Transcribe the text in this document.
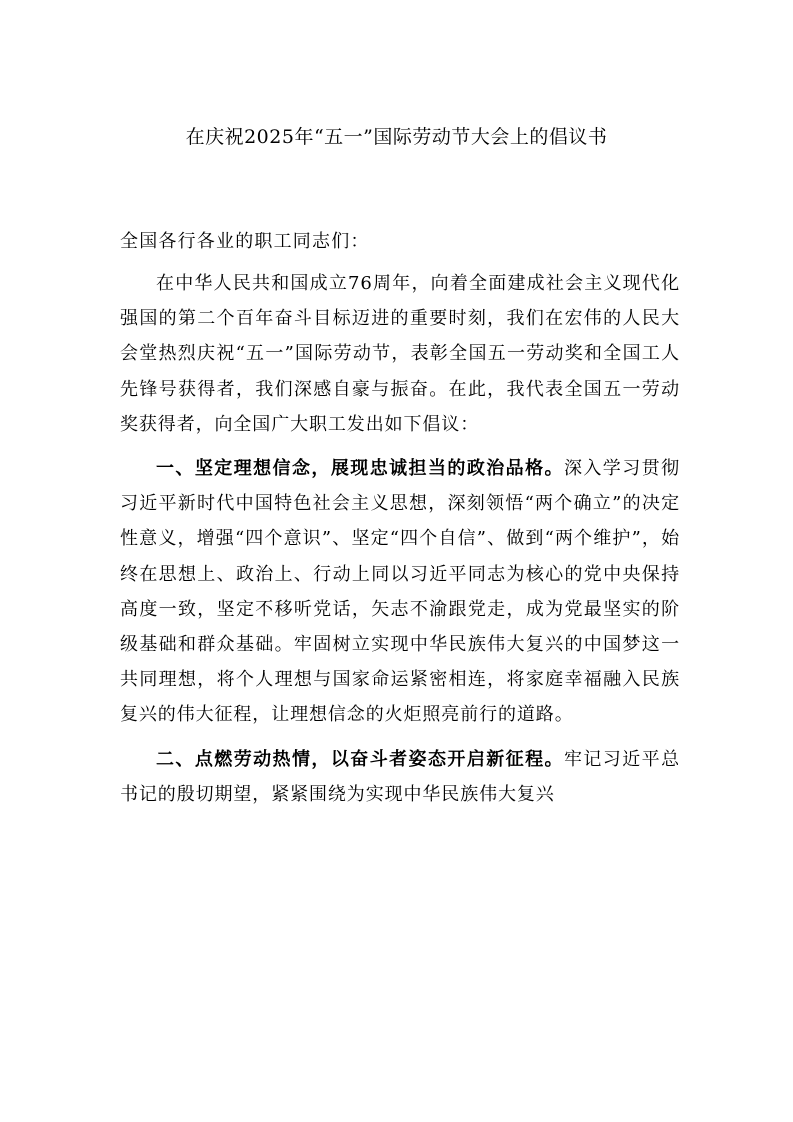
在庆祝2025年“五一”国际劳动节大会上的倡议书
全国各行各业的职工同志们：

在中华人民共和国成立76周年，向着全面建成社会主义现代化强国的第二个百年奋斗目标迈进的重要时刻，我们在宏伟的人民大会堂热烈庆祝“五一”国际劳动节，表彰全国五一劳动奖和全国工人先锋号获得者，我们深感自豪与振奋。在此，我代表全国五一劳动奖获得者，向全国广大职工发出如下倡议：

一、坚定理想信念，展现忠诚担当的政治品格。深入学习贯彻习近平新时代中国特色社会主义思想，深刻领悟“两个确立”的决定性意义，增强“四个意识”、坚定“四个自信”、做到“两个维护”，始终在思想上、政治上、行动上同以习近平同志为核心的党中央保持高度一致，坚定不移听党话，矢志不渝跟党走，成为党最坚实的阶级基础和群众基础。牢固树立实现中华民族伟大复兴的中国梦这一共同理想，将个人理想与国家命运紧密相连，将家庭幸福融入民族复兴的伟大征程，让理想信念的火炬照亮前行的道路。

二、点燃劳动热情，以奋斗者姿态开启新征程。牢记习近平总书记的殷切期望，紧紧围绕为实现中华民族伟大复兴
